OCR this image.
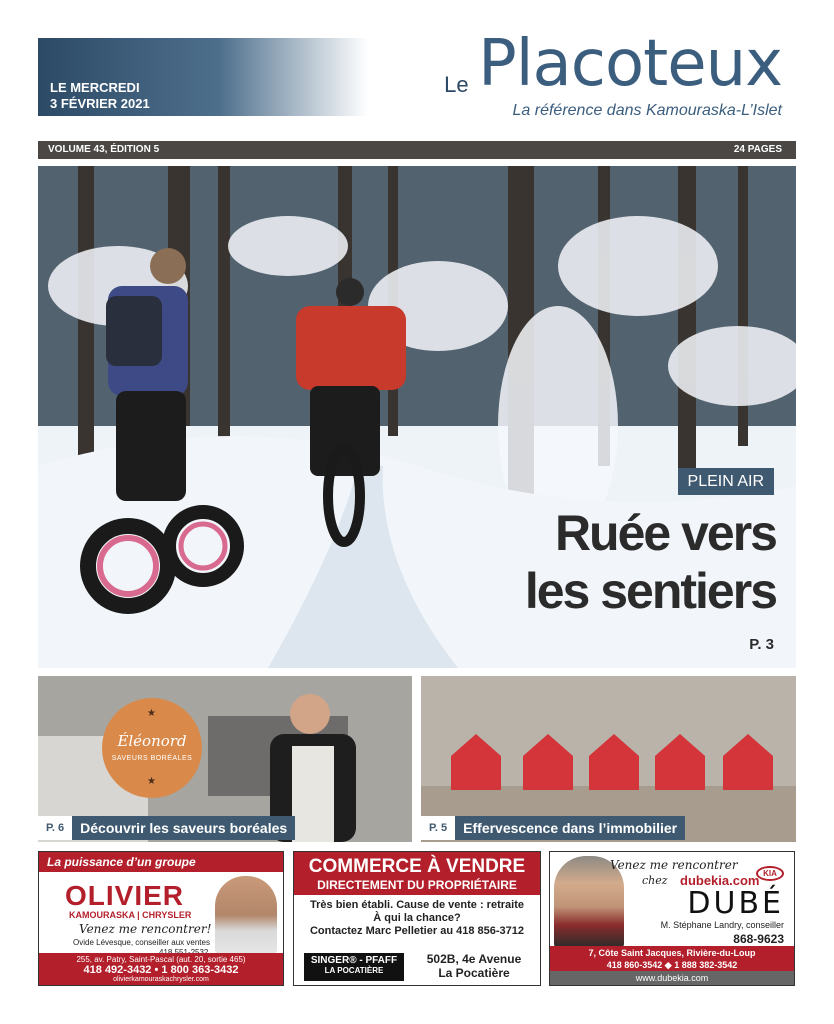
LE MERCREDI
3 FÉVRIER 2021
Le Placoteux
La référence dans Kamouraska-L’Islet
VOLUME 43, ÉDITION 5	24 PAGES
PLEIN AIR
Ruée vers
les sentiers
P. 3
★
Éléonord
SAVEURS BORÉALES
★
P. 6	Découvrir les saveurs boréales	P. 5	Effervescence dans l’immobilier
La puissance d’un groupe
OLIVIER
KAMOURASKA | CHRYSLER
Venez me rencontrer!
Ovide Lévesque, conseiller aux ventes
255, av. Patry, Saint-Pascal (aut. 20, sortie 465)
418 492-3432 • 1 800 363-3432
olivierkamouraskachrysler.com
COMMERCE À VENDRE
DIRECTEMENT DU PROPRIÉTAIRE
Très bien établi. Cause de vente : retraite
À qui la chance?
Contactez Marc Pelletier au 418 856-3712
SINGER® - PFAFF
LA POCATIÈRE
502B, 4e Avenue
La Pocatière
Venez me rencontrer
chez dubekia.com KIA
DUBÉ
M. Stéphane Landry, conseiller
868-9623
7, Côte Saint Jacques, Rivière-du-Loup
418 860-3542 ◆ 1 888 382-3542
www.dubekia.com
